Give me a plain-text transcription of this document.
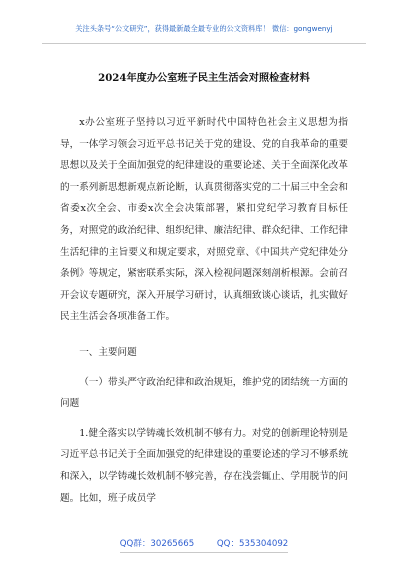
关注头条号“公文研究”，获得最新最全最专业的公文资料库！ 微信：gongwenyj
2024年度办公室班子民主生活会对照检查材料

x办公室班子坚持以习近平新时代中国特色社会主义思想为指导，一体学习领会习近平总书记关于党的建设、党的自我革命的重要思想以及关于全面加强党的纪律建设的重要论述、关于全面深化改革的一系列新思想新观点新论断，认真贯彻落实党的二十届三中全会和省委x次全会、市委x次全会决策部署，紧扣党纪学习教育目标任务，对照党的政治纪律、组织纪律、廉洁纪律、群众纪律、工作纪律生活纪律的主旨要义和规定要求，对照党章、《中国共产党纪律处分条例》等规定，紧密联系实际，深入检视问题深刻剖析根源。会前召开会议专题研究，深入开展学习研讨，认真细致谈心谈话，扎实做好民主生活会各项准备工作。

一、主要问题

（一）带头严守政治纪律和政治规矩，维护党的团结统一方面的问题

1.健全落实以学铸魂长效机制不够有力。对党的创新理论特别是习近平总书记关于全面加强党的纪律建设的重要论述的学习不够系统和深入，以学铸魂长效机制不够完善，存在浅尝辄止、学用脱节的问题。比如，班子成员学

QQ群：30265665	QQ：535304092
